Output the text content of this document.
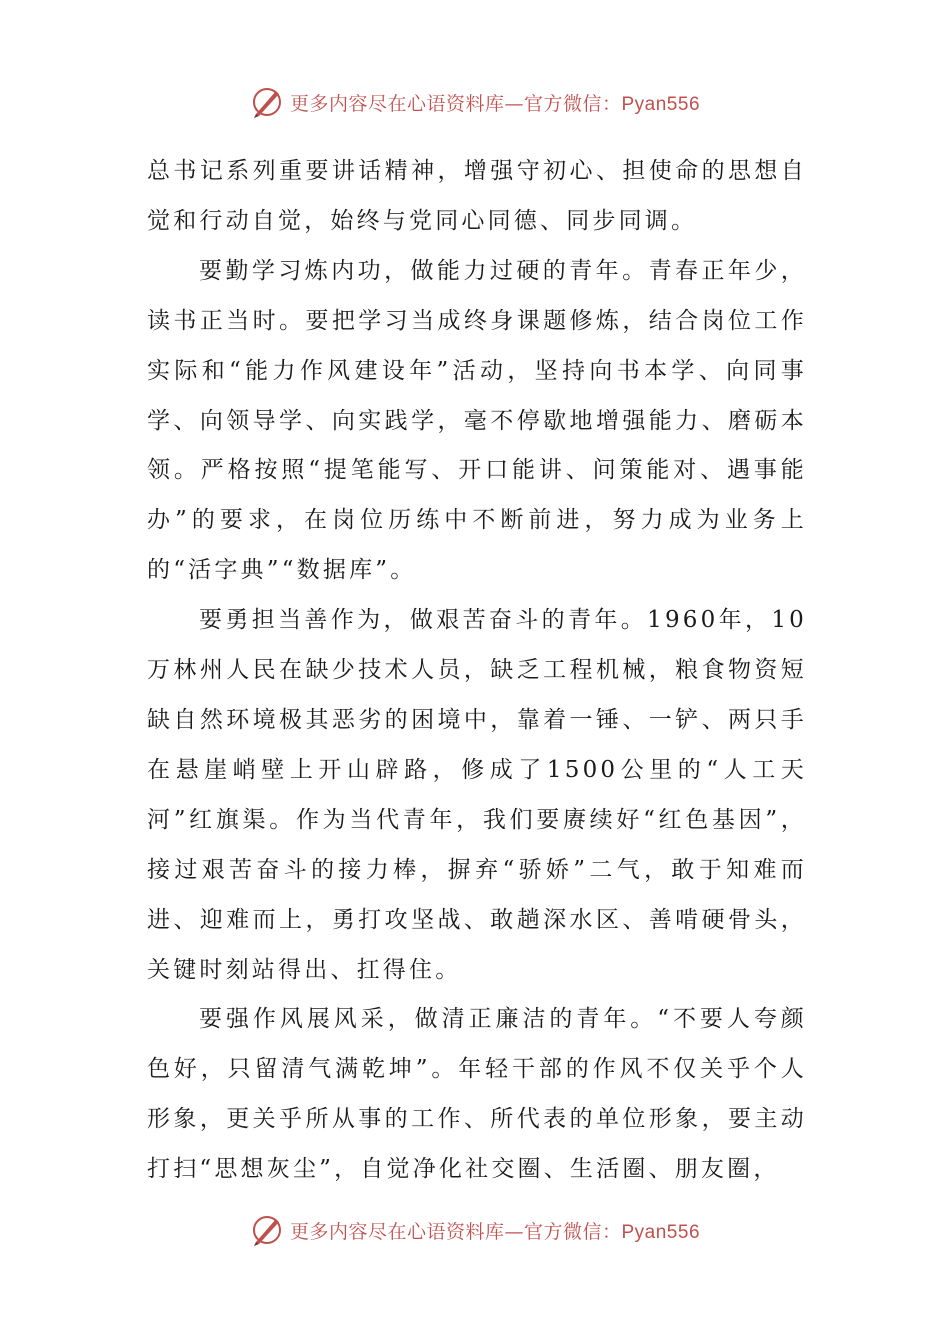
更多内容尽在心语资料库—官方微信：Pyan556

总书记系列重要讲话精神，增强守初心、担使命的思想自觉和行动自觉，始终与党同心同德、同步同调。

要勤学习炼内功，做能力过硬的青年。青春正年少，读书正当时。要把学习当成终身课题修炼，结合岗位工作实际和“能力作风建设年”活动，坚持向书本学、向同事学、向领导学、向实践学，毫不停歇地增强能力、磨砺本领。严格按照“提笔能写、开口能讲、问策能对、遇事能办”的要求，在岗位历练中不断前进，努力成为业务上的“活字典”“数据库”。

要勇担当善作为，做艰苦奋斗的青年。1960年，10万林州人民在缺少技术人员，缺乏工程机械，粮食物资短缺自然环境极其恶劣的困境中，靠着一锤、一铲、两只手在悬崖峭壁上开山辟路，修成了1500公里的“人工天河”红旗渠。作为当代青年，我们要赓续好“红色基因”，接过艰苦奋斗的接力棒，摒弃“骄娇”二气，敢于知难而进、迎难而上，勇打攻坚战、敢趟深水区、善啃硬骨头，关键时刻站得出、扛得住。

要强作风展风采，做清正廉洁的青年。“不要人夸颜色好，只留清气满乾坤”。年轻干部的作风不仅关乎个人形象，更关乎所从事的工作、所代表的单位形象，要主动打扫“思想灰尘”，自觉净化社交圈、生活圈、朋友圈，

更多内容尽在心语资料库—官方微信：Pyan556
